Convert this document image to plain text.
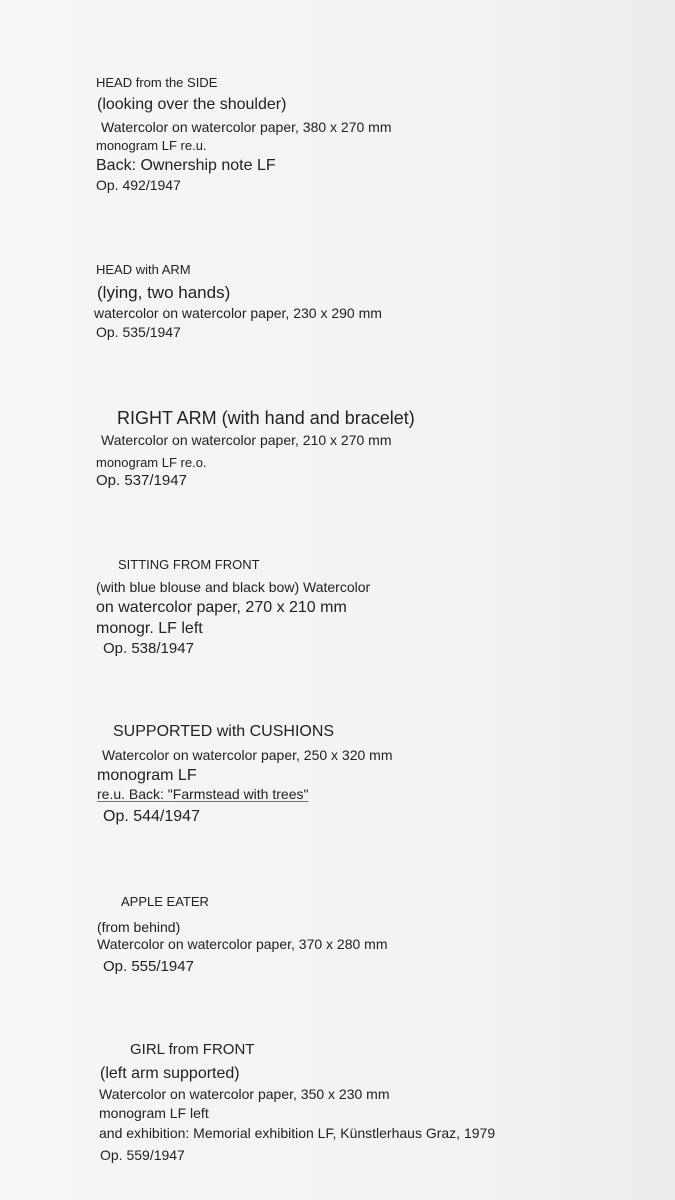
HEAD from the SIDE
(looking over the shoulder)
Watercolor on watercolor paper, 380 x 270 mm
monogram LF re.u.
Back: Ownership note LF
Op. 492/1947
HEAD with ARM
(lying, two hands)
watercolor on watercolor paper, 230 x 290 mm
Op. 535/1947
RIGHT ARM (with hand and bracelet)
Watercolor on watercolor paper, 210 x 270 mm
monogram LF re.o.
Op. 537/1947
SITTING FROM FRONT
(with blue blouse and black bow) Watercolor
on watercolor paper, 270 x 210 mm
monogr. LF left
Op. 538/1947
SUPPORTED with CUSHIONS
Watercolor on watercolor paper, 250 x 320 mm
monogram LF
re.u. Back: "Farmstead with trees"
Op. 544/1947
APPLE EATER
(from behind)
Watercolor on watercolor paper, 370 x 280 mm
Op. 555/1947
GIRL from FRONT
(left arm supported)
Watercolor on watercolor paper, 350 x 230 mm
monogram LF left
and exhibition: Memorial exhibition LF, Künstlerhaus Graz, 1979
Op. 559/1947
